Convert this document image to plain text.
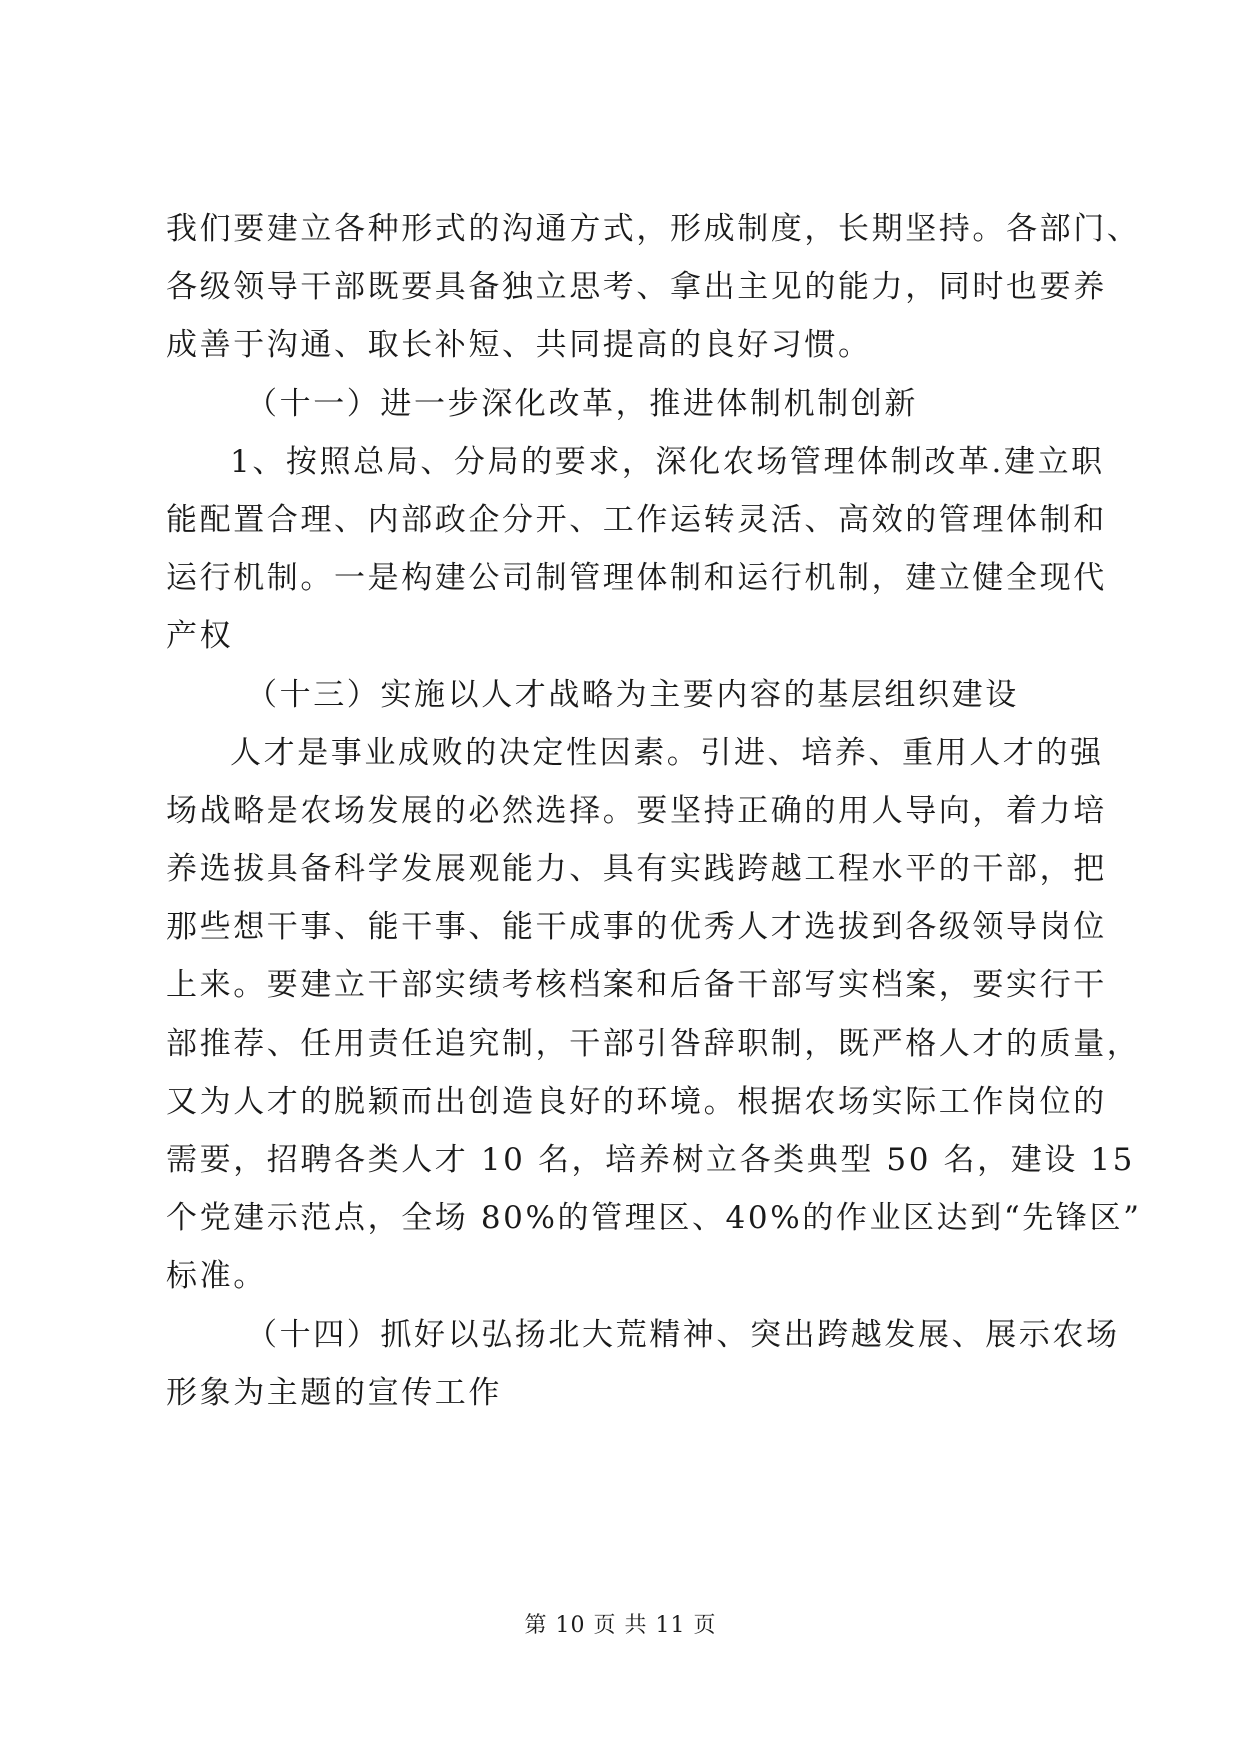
我们要建立各种形式的沟通方式，形成制度，长期坚持。各部门、
各级领导干部既要具备独立思考、拿出主见的能力，同时也要养
成善于沟通、取长补短、共同提高的良好习惯。
（十一）进一步深化改革，推进体制机制创新
1、按照总局、分局的要求，深化农场管理体制改革.建立职
能配置合理、内部政企分开、工作运转灵活、高效的管理体制和
运行机制。一是构建公司制管理体制和运行机制，建立健全现代
产权
（十三）实施以人才战略为主要内容的基层组织建设
人才是事业成败的决定性因素。引进、培养、重用人才的强
场战略是农场发展的必然选择。要坚持正确的用人导向，着力培
养选拔具备科学发展观能力、具有实践跨越工程水平的干部，把
那些想干事、能干事、能干成事的优秀人才选拔到各级领导岗位
上来。要建立干部实绩考核档案和后备干部写实档案，要实行干
部推荐、任用责任追究制，干部引咎辞职制，既严格人才的质量，
又为人才的脱颖而出创造良好的环境。根据农场实际工作岗位的
需要，招聘各类人才 10 名，培养树立各类典型 50 名，建设 15
个党建示范点，全场 80%的管理区、40%的作业区达到“先锋区”
标准。
（十四）抓好以弘扬北大荒精神、突出跨越发展、展示农场
形象为主题的宣传工作
第 10 页 共 11 页
